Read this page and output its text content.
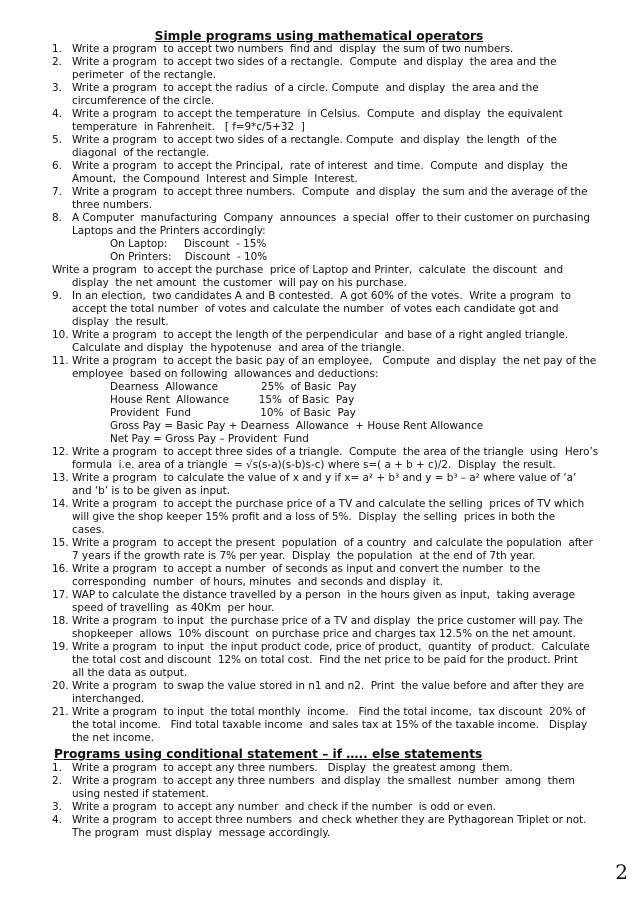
Simple programs using mathematical operators
1. Write a program  to accept two numbers  find and  display  the sum of two numbers.
2. Write a program  to accept two sides of a rectangle.  Compute  and display  the area and the
perimeter  of the rectangle.
3. Write a program  to accept the radius  of a circle. Compute  and display  the area and the
circumference of the circle.
4. Write a program  to accept the temperature  in Celsius.  Compute  and display  the equivalent
temperature  in Fahrenheit.   [ f=9*c/5+32  ]
5. Write a program  to accept two sides of a rectangle. Compute  and display  the length  of the
diagonal  of the rectangle.
6. Write a program  to accept the Principal,  rate of interest  and time.  Compute  and display  the
Amount,  the Compound  Interest and Simple  Interest.
7. Write a program  to accept three numbers.  Compute  and display  the sum and the average of the
three numbers.
8. A Computer  manufacturing  Company  announces  a special  offer to their customer on purchasing
Laptops and the Printers accordingly:
On Laptop:     Discount  - 15%
On Printers:    Discount  - 10%
Write a program  to accept the purchase  price of Laptop and Printer,  calculate  the discount  and
display  the net amount  the customer  will pay on his purchase.
9. In an election,  two candidates A and B contested.  A got 60% of the votes.  Write a program  to
accept the total number  of votes and calculate the number  of votes each candidate got and
display  the result.
10. Write a program  to accept the length of the perpendicular  and base of a right angled triangle.
Calculate and display  the hypotenuse  and area of the triangle.
11. Write a program  to accept the basic pay of an employee,   Compute  and display  the net pay of the
employee  based on following  allowances and deductions:
Dearness  Allowance             25%  of Basic  Pay
House Rent  Allowance         15%  of Basic  Pay
Provident  Fund                     10%  of Basic  Pay
Gross Pay = Basic Pay + Dearness  Allowance  + House Rent Allowance
Net Pay = Gross Pay – Provident  Fund
12. Write a program  to accept three sides of a triangle.  Compute  the area of the triangle  using  Hero’s
formula  i.e. area of a triangle  = √s(s-a)(s-b)s-c) where s=( a + b + c)/2.  Display  the result.
13. Write a program  to calculate the value of x and y if x= a² + b³ and y = b³ – a² where value of ‘a’
and ‘b’ is to be given as input.
14. Write a program  to accept the purchase price of a TV and calculate the selling  prices of TV which
will give the shop keeper 15% profit and a loss of 5%.  Display  the selling  prices in both the
cases.
15. Write a program  to accept the present  population  of a country  and calculate the population  after
7 years if the growth rate is 7% per year.  Display  the population  at the end of 7th year.
16. Write a program  to accept a number  of seconds as input and convert the number  to the
corresponding  number  of hours, minutes  and seconds and display  it.
17. WAP to calculate the distance travelled by a person  in the hours given as input,  taking average
speed of travelling  as 40Km  per hour.
18. Write a program  to input  the purchase price of a TV and display  the price customer will pay. The
shopkeeper  allows  10% discount  on purchase price and charges tax 12.5% on the net amount.
19. Write a program  to input  the input product code, price of product,  quantity  of product.  Calculate
the total cost and discount  12% on total cost.  Find the net price to be paid for the product. Print
all the data as output.
20. Write a program  to swap the value stored in n1 and n2.  Print  the value before and after they are
interchanged.
21. Write a program  to input  the total monthly  income.   Find the total income,  tax discount  20% of
the total income.   Find total taxable income  and sales tax at 15% of the taxable income.   Display
the net income.
Programs using conditional statement – if ….. else statements
1. Write a program  to accept any three numbers.   Display  the greatest among  them.
2. Write a program  to accept any three numbers  and display  the smallest  number  among  them
using nested if statement.
3. Write a program  to accept any number  and check if the number  is odd or even.
4. Write a program  to accept three numbers  and check whether they are Pythagorean Triplet or not.
The program  must display  message accordingly.
2
